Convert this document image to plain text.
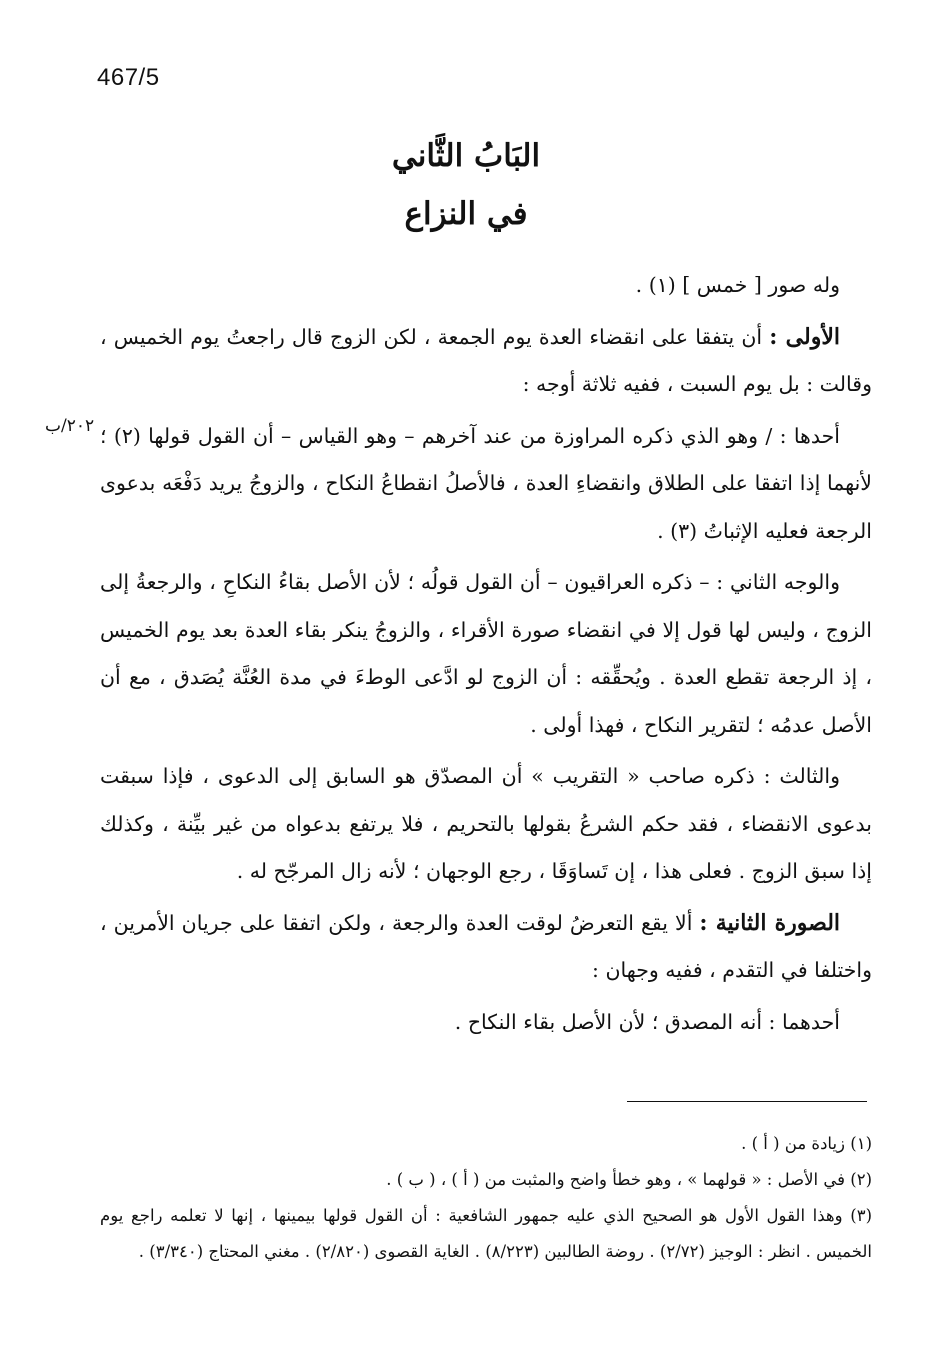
467/5
البَابُ الثَّاني
في النزاع
٢٠٢/ب

وله صور [ خمس ] (١) .

الأولى : أن يتفقا على انقضاء العدة يوم الجمعة ، لكن الزوج قال راجعتُ يوم الخميس ، وقالت : بل يوم السبت ، ففيه ثلاثة أوجه :

أحدها : / وهو الذي ذكره المراوزة من عند آخرهم – وهو القياس – أن القول قولها (٢) ؛ لأنهما إذا اتفقا على الطلاق وانقضاءِ العدة ، فالأصلُ انقطاعُ النكاح ، والزوجُ يريد دَفْعَه بدعوى الرجعة فعليه الإثباتُ (٣) .

والوجه الثاني : – ذكره العراقيون – أن القول قولُه ؛ لأن الأصل بقاءُ النكاحِ ، والرجعةُ إلى الزوج ، وليس لها قول إلا في انقضاء صورة الأقراء ، والزوجُ ينكر بقاء العدة بعد يوم الخميس ، إذ الرجعة تقطع العدة . ويُحقِّقه : أن الزوج لو ادَّعى الوطءَ في مدة العُنَّة يُصَدق ، مع أن الأصل عدمُه ؛ لتقرير النكاح ، فهذا أولى .

والثالث : ذكره صاحب « التقريب » أن المصدّق هو السابق إلى الدعوى ، فإذا سبقت بدعوى الانقضاء ، فقد حكم الشرعُ بقولها بالتحريم ، فلا يرتفع بدعواه من غير بيِّنة ، وكذلك إذا سبق الزوج . فعلى هذا ، إن تَساوَقَا ، رجع الوجهان ؛ لأنه زال المرجّح له .

الصورة الثانية : ألا يقع التعرضُ لوقت العدة والرجعة ، ولكن اتفقا على جريان الأمرين ، واختلفا في التقدم ، ففيه وجهان :

أحدهما : أنه المصدق ؛ لأن الأصل بقاء النكاح .

(١) زيادة من ( أ ) .

(٢) في الأصل : « قولهما » ، وهو خطأ واضح والمثبت من ( أ ) ، ( ب ) .

(٣) وهذا القول الأول هو الصحيح الذي عليه جمهور الشافعية : أن القول قولها بيمينها ، إنها لا تعلمه راجع يوم الخميس . انظر : الوجيز (٢/٧٢) . روضة الطالبين (٨/٢٢٣) . الغاية القصوى (٢/٨٢٠) . مغني المحتاج (٣/٣٤٠) .
